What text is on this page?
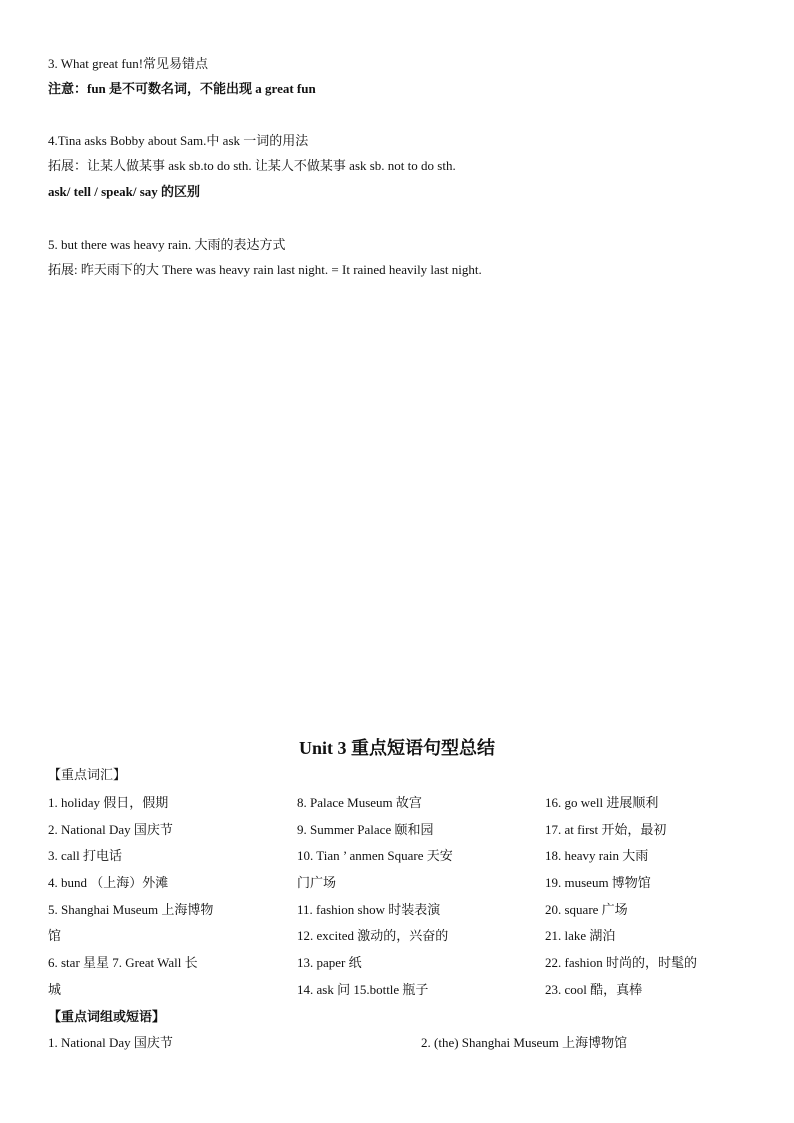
3. What great fun!常见易错点
注意：fun 是不可数名词，不能出现 a great fun
4.Tina asks Bobby about Sam.中 ask 一词的用法
拓展：让某人做某事 ask sb.to do sth. 让某人不做某事 ask sb. not to do sth.
ask/ tell / speak/ say 的区别
5. but there was heavy rain. 大雨的表达方式
拓展: 昨天雨下的大 There was heavy rain last night. = It rained heavily last night.
Unit 3 重点短语句型总结
【重点词汇】
1. holiday 假日，假期
2. National Day 国庆节
3. call 打电话
4. bund （上海）外滩
5. Shanghai Museum 上海博物
馆
6. star 星星 7. Great Wall 长
城
8. Palace Museum 故宫
9. Summer Palace 颐和园
10. Tian ’ anmen Square 天安
门广场
11. fashion show 时装表演
12. excited 激动的，兴奋的
13. paper 纸
14. ask 问 15.bottle 瓶子
16. go well 进展顺利
17. at first 开始，最初
18. heavy rain 大雨
19. museum 博物馆
20. square 广场
21. lake 湖泊
22. fashion 时尚的，时髦的
23. cool 酷，真棒
【重点词组或短语】
1. National Day 国庆节	2. (the) Shanghai Museum 上海博物馆
